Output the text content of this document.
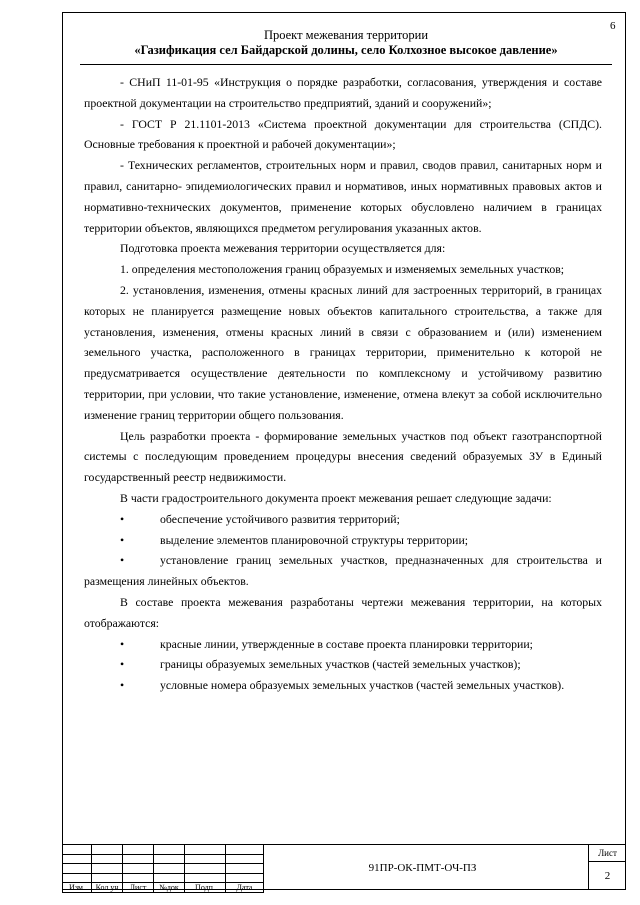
6
Проект межевания территории
«Газификация сел Байдарской долины, село Колхозное высокое давление»

- СНиП 11-01-95 «Инструкция о порядке разработки, согласования, утверждения и составе проектной документации на строительство предприятий, зданий и сооружений»;

- ГОСТ Р 21.1101-2013 «Система проектной документации для строительства (СПДС). Основные требования к проектной и рабочей документации»;

- Технических регламентов, строительных норм и правил, сводов правил, санитарных норм и правил, санитарно- эпидемиологических правил и нормативов, иных нормативных правовых актов и нормативно-технических документов, применение которых обусловлено наличием в границах территории объектов, являющихся предметом регулирования указанных актов.

Подготовка проекта межевания территории осуществляется для:

1. определения местоположения границ образуемых и изменяемых земельных участков;

2. установления, изменения, отмены красных линий для застроенных территорий, в границах которых не планируется размещение новых объектов капитального строительства, а также для установления, изменения, отмены красных линий в связи с образованием и (или) изменением земельного участка, расположенного в границах территории, применительно к которой не предусматривается осуществление деятельности по комплексному и устойчивому развитию территории, при условии, что такие установление, изменение, отмена влекут за собой исключительно изменение границ территории общего пользования.

Цель разработки проекта - формирование земельных участков под объект газотранспортной системы с последующим проведением процедуры внесения сведений образуемых ЗУ в Единый государственный реестр недвижимости.

В части градостроительного документа проект межевания решает следующие задачи:

•	обеспечение устойчивого развития территорий;

•	выделение элементов планировочной структуры территории;

•	установление границ земельных участков, предназначенных для строительства и размещения линейных объектов.

В составе проекта межевания разработаны чертежи межевания территории, на которых отображаются:

•	красные линии, утвержденные в составе проекта планировки территории;

•	границы образуемых земельных участков (частей земельных участков);

•	условные номера образуемых земельных участков (частей земельных участков).

Изм.	Кол.уч	Лист	№док	Подп.	Дата
91ПР-ОК-ПМТ-ОЧ-ПЗ
Лист
2
